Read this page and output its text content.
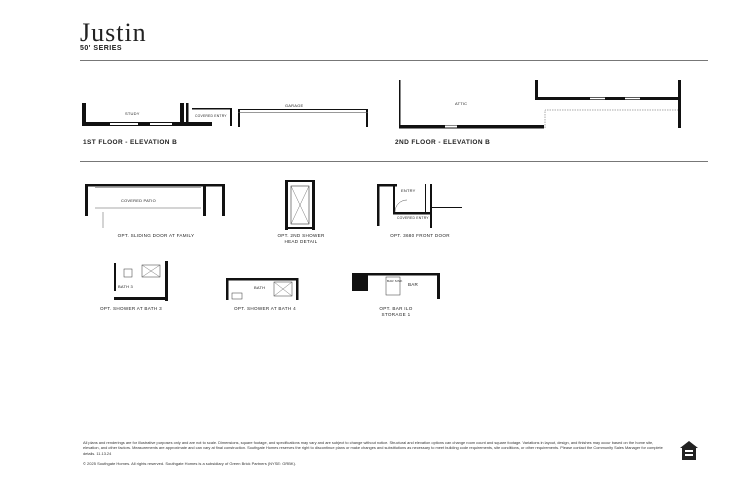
Justin
50' SERIES
STUDY	COVERED ENTRY
GARAGE
1ST FLOOR - ELEVATION B
ATTIC
2ND FLOOR - ELEVATION B
COVERED PATIO
OPT. SLIDING DOOR AT FAMILY	OPT. 2ND SHOWER
HEAD DETAIL
ENTRY
COVERED ENTRY
OPT. 3680 FRONT DOOR
BATH 3
OPT. SHOWER AT BATH 3
BATH
OPT. SHOWER AT BATH 4
BAR SINK
BAR
OPT. BAR ILO
STORAGE 1
All plans and renderings are for illustrative purposes only and are not to scale. Dimensions, square footage, and specifications may vary and are subject to change without notice. Structural and elevation options can change room count and square footage. Variations in layout, design, and finishes may occur based on the home site, elevation, and other factors. Measurements are approximate and can vary at final construction. Southgate Homes reserves the right to discontinue plans or make changes and substitutions as necessary to meet building code requirements, site conditions, or other requirements. Please contact the Community Sales Manager for complete details. 11.13.24
© 2025 Southgate Homes. All rights reserved. Southgate Homes is a subsidiary of Green Brick Partners (NYSE: GRBK).
